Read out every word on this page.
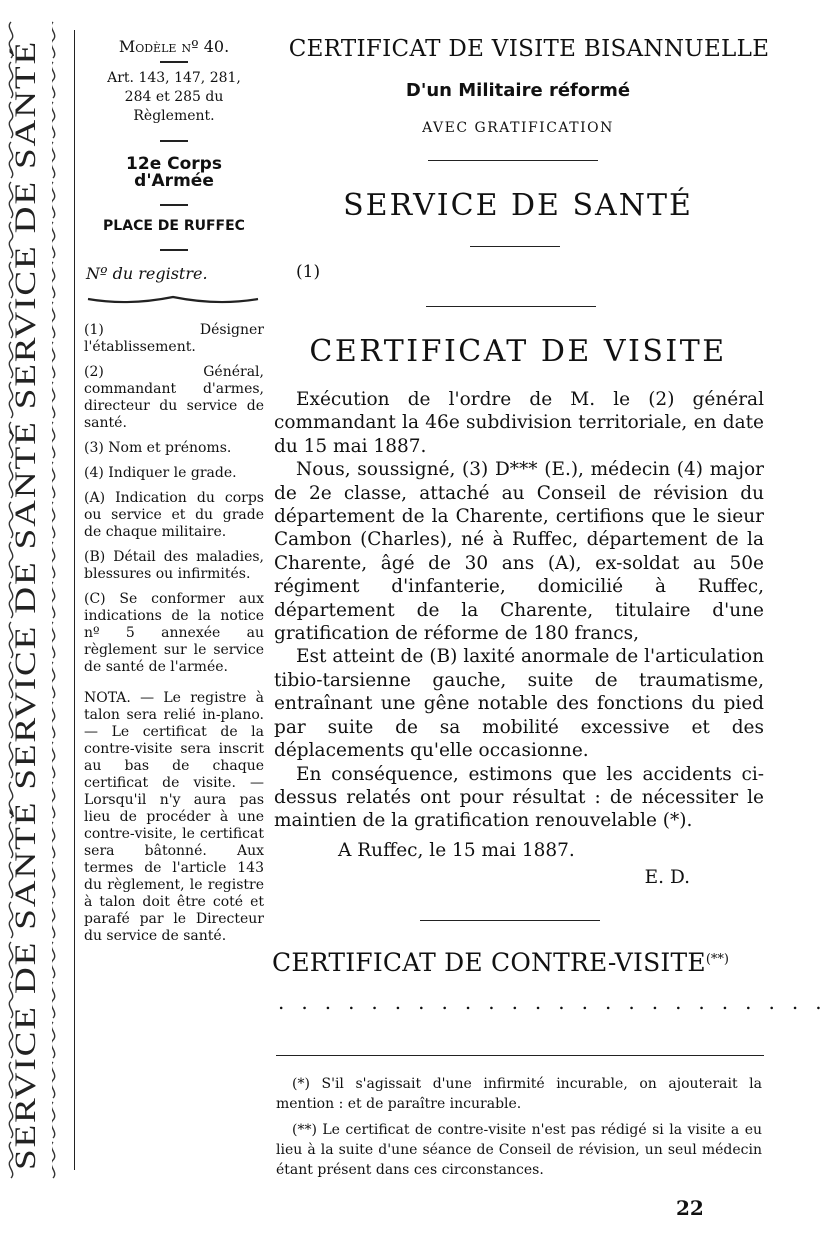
SERVICE DE SANTÉ SERVICE DE SANTÉ SERVICE DE SANTÉ
Modèle nº 40.
Art. 143, 147, 281, 284 et 285 du Règlement.
12e Corps d'Armée
PLACE DE RUFFEC
Nº du registre.

(1) Désigner l'établissement.

(2) Général, commandant d'armes, directeur du service de santé.

(3) Nom et prénoms.

(4) Indiquer le grade.

(A) Indication du corps ou service et du grade de chaque militaire.

(B) Détail des maladies, blessures ou infirmités.

(C) Se conformer aux indications de la notice nº 5 annexée au règlement sur le service de santé de l'armée.

NOTA. — Le registre à talon sera relié in-plano. — Le certificat de la contre-visite sera inscrit au bas de chaque certificat de visite. — Lorsqu'il n'y aura pas lieu de procéder à une contre-visite, le certificat sera bâtonné. Aux termes de l'article 143 du règlement, le registre à talon doit être coté et parafé par le Directeur du service de santé.

CERTIFICAT DE VISITE BISANNUELLE
D'un Militaire réformé
AVEC GRATIFICATION
SERVICE DE SANTÉ
(1)
CERTIFICAT DE VISITE

Exécution de l'ordre de M. le (2) général commandant la 46e subdivision territoriale, en date du 15 mai 1887.

Nous, soussigné, (3) D*** (E.), médecin (4) major de 2e classe, attaché au Conseil de révision du département de la Charente, certifions que le sieur Cambon (Charles), né à Ruffec, département de la Charente, âgé de 30 ans (A), ex-soldat au 50e régiment d'infanterie, domicilié à Ruffec, département de la Charente, titulaire d'une gratification de réforme de 180 francs,

Est atteint de (B) laxité anormale de l'articulation tibio-tarsienne gauche, suite de traumatisme, entraînant une gêne notable des fonctions du pied par suite de sa mobilité excessive et des déplacements qu'elle occasionne.

En conséquence, estimons que les accidents ci-dessus relatés ont pour résultat : de nécessiter le maintien de la gratification renouvelable (*).

A Ruffec, le 15 mai 1887.

E. D.

CERTIFICAT DE CONTRE-VISITE(**)
........................

(*) S'il s'agissait d'une infirmité incurable, on ajouterait la mention : et de paraître incurable.

(**) Le certificat de contre-visite n'est pas rédigé si la visite a eu lieu à la suite d'une séance de Conseil de révision, un seul médecin étant présent dans ces circonstances.

22
